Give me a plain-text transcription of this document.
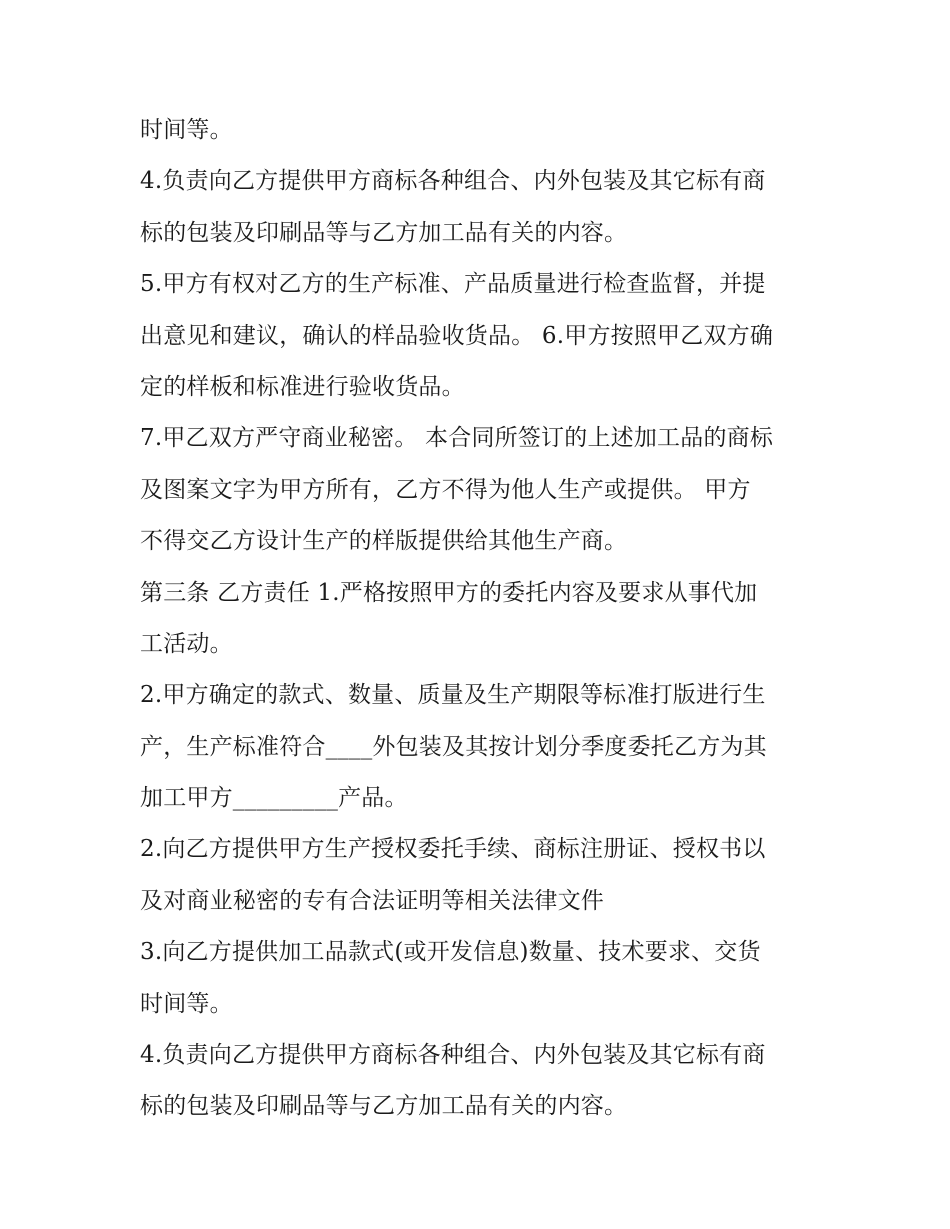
时间等。
4.负责向乙方提供甲方商标各种组合、内外包装及其它标有商
标的包装及印刷品等与乙方加工品有关的内容。
5.甲方有权对乙方的生产标准、产品质量进行检查监督，并提
出意见和建议，确认的样品验收货品。 6.甲方按照甲乙双方确
定的样板和标准进行验收货品。
7.甲乙双方严守商业秘密。 本合同所签订的上述加工品的商标
及图案文字为甲方所有，乙方不得为他人生产或提供。 甲方
不得交乙方设计生产的样版提供给其他生产商。
第三条 乙方责任 1.严格按照甲方的委托内容及要求从事代加
工活动。
2.甲方确定的款式、数量、质量及生产期限等标准打版进行生
产，生产标准符合____外包装及其按计划分季度委托乙方为其
加工甲方_________产品。
2.向乙方提供甲方生产授权委托手续、商标注册证、授权书以
及对商业秘密的专有合法证明等相关法律文件
3.向乙方提供加工品款式(或开发信息)数量、技术要求、交货
时间等。
4.负责向乙方提供甲方商标各种组合、内外包装及其它标有商
标的包装及印刷品等与乙方加工品有关的内容。
